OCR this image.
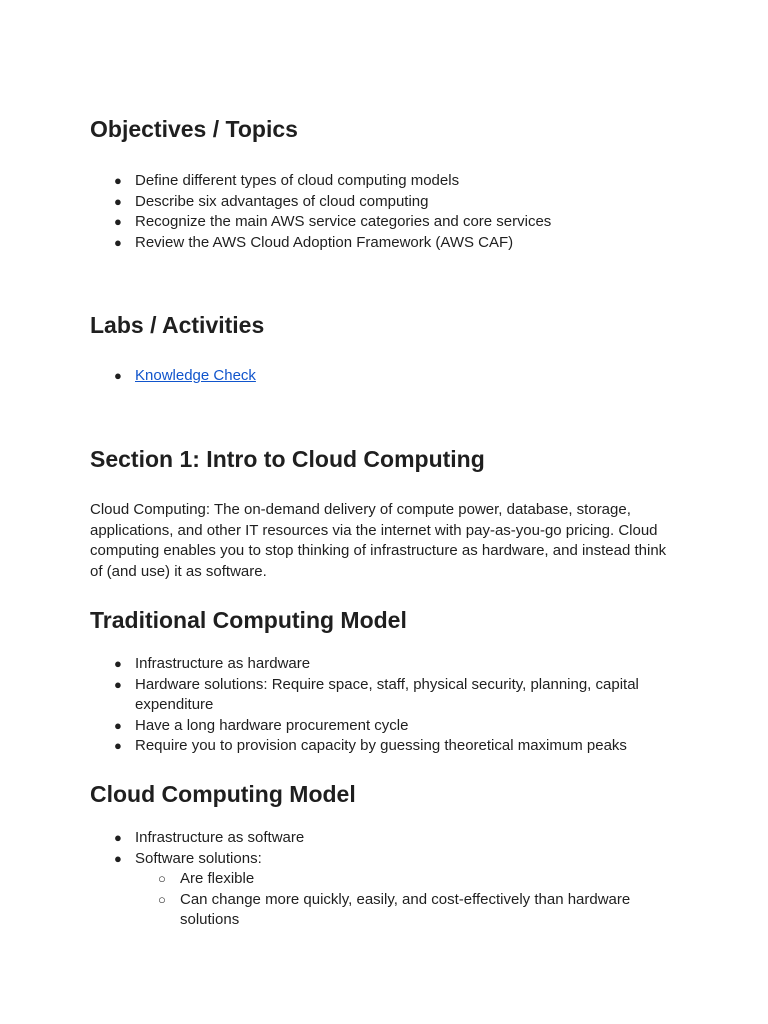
Objectives / Topics
● Define different types of cloud computing models
● Describe six advantages of cloud computing
● Recognize the main AWS service categories and core services
● Review the AWS Cloud Adoption Framework (AWS CAF)
Labs / Activities
● Knowledge Check
Section 1: Intro to Cloud Computing

Cloud Computing: The on-demand delivery of compute power, database, storage, applications, and other IT resources via the internet with pay-as-you-go pricing. Cloud computing enables you to stop thinking of infrastructure as hardware, and instead think of (and use) it as software.

Traditional Computing Model
● Infrastructure as hardware
● Hardware solutions: Require space, staff, physical security, planning, capital expenditure
● Have a long hardware procurement cycle
● Require you to provision capacity by guessing theoretical maximum peaks
Cloud Computing Model
● Infrastructure as software
● Software solutions:
○ Are flexible
○ Can change more quickly, easily, and cost-effectively than hardware solutions
